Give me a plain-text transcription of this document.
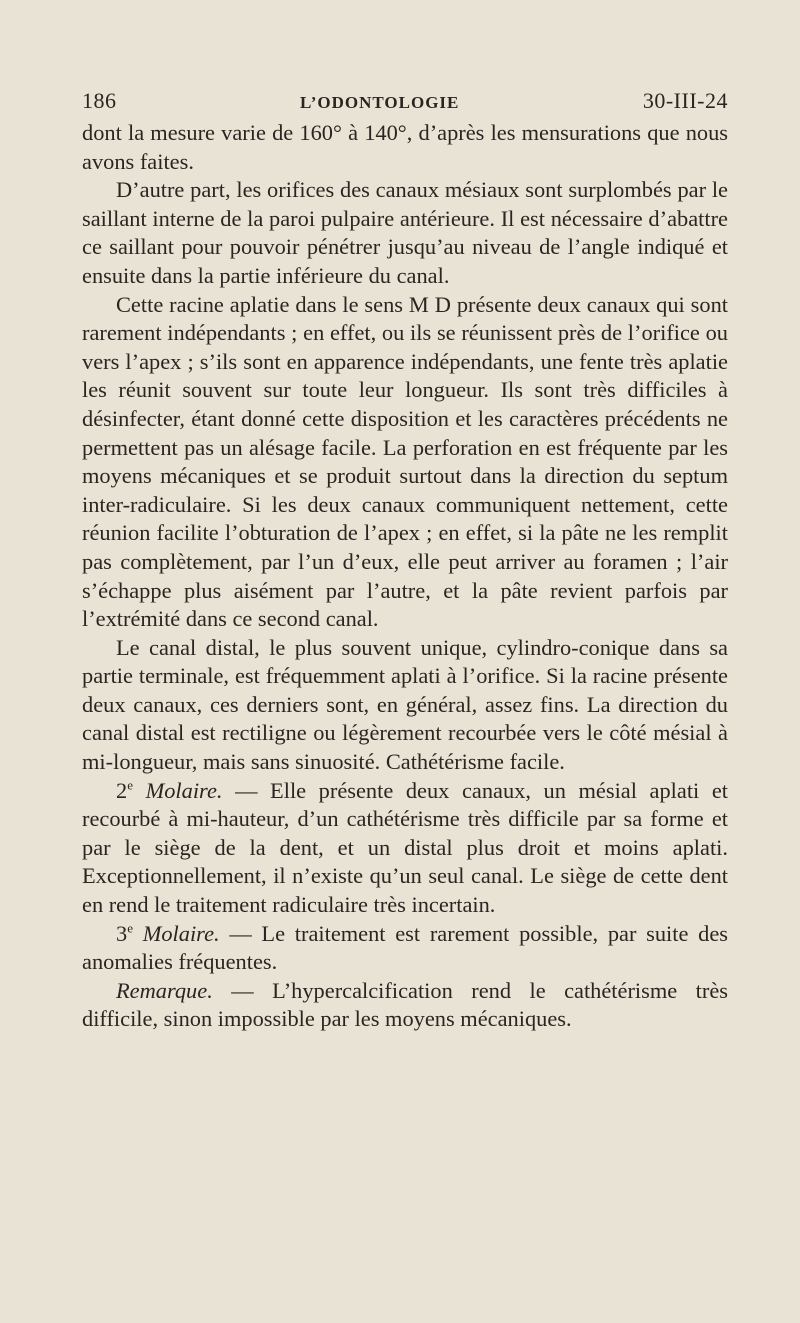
186	L’ODONTOLOGIE	30-III-24

dont la mesure varie de 160° à 140°, d’après les mensurations que nous avons faites.

D’autre part, les orifices des canaux mésiaux sont surplombés par le saillant interne de la paroi pulpaire antérieure. Il est nécessaire d’abattre ce saillant pour pouvoir pénétrer jusqu’au niveau de l’angle indiqué et ensuite dans la partie inférieure du canal.

Cette racine aplatie dans le sens M D présente deux canaux qui sont rarement indépendants ; en effet, ou ils se réunissent près de l’orifice ou vers l’apex ; s’ils sont en apparence indépendants, une fente très aplatie les réunit souvent sur toute leur longueur. Ils sont très difficiles à désinfecter, étant donné cette disposition et les caractères précédents ne permettent pas un alésage facile. La perforation en est fréquente par les moyens mécaniques et se produit surtout dans la direction du septum inter-radiculaire. Si les deux canaux communiquent nettement, cette réunion facilite l’obturation de l’apex ; en effet, si la pâte ne les remplit pas complètement, par l’un d’eux, elle peut arriver au foramen ; l’air s’échappe plus aisément par l’autre, et la pâte revient parfois par l’extrémité dans ce second canal.

Le canal distal, le plus souvent unique, cylindro-conique dans sa partie terminale, est fréquemment aplati à l’orifice. Si la racine présente deux canaux, ces derniers sont, en général, assez fins. La direction du canal distal est rectiligne ou légèrement recourbée vers le côté mésial à mi-longueur, mais sans sinuosité. Cathétérisme facile.

2e Molaire. — Elle présente deux canaux, un mésial aplati et recourbé à mi-hauteur, d’un cathétérisme très difficile par sa forme et par le siège de la dent, et un distal plus droit et moins aplati. Exceptionnellement, il n’existe qu’un seul canal. Le siège de cette dent en rend le traitement radiculaire très incertain.

3e Molaire. — Le traitement est rarement possible, par suite des anomalies fréquentes.

Remarque. — L’hypercalcification rend le cathétérisme très difficile, sinon impossible par les moyens mécaniques.
